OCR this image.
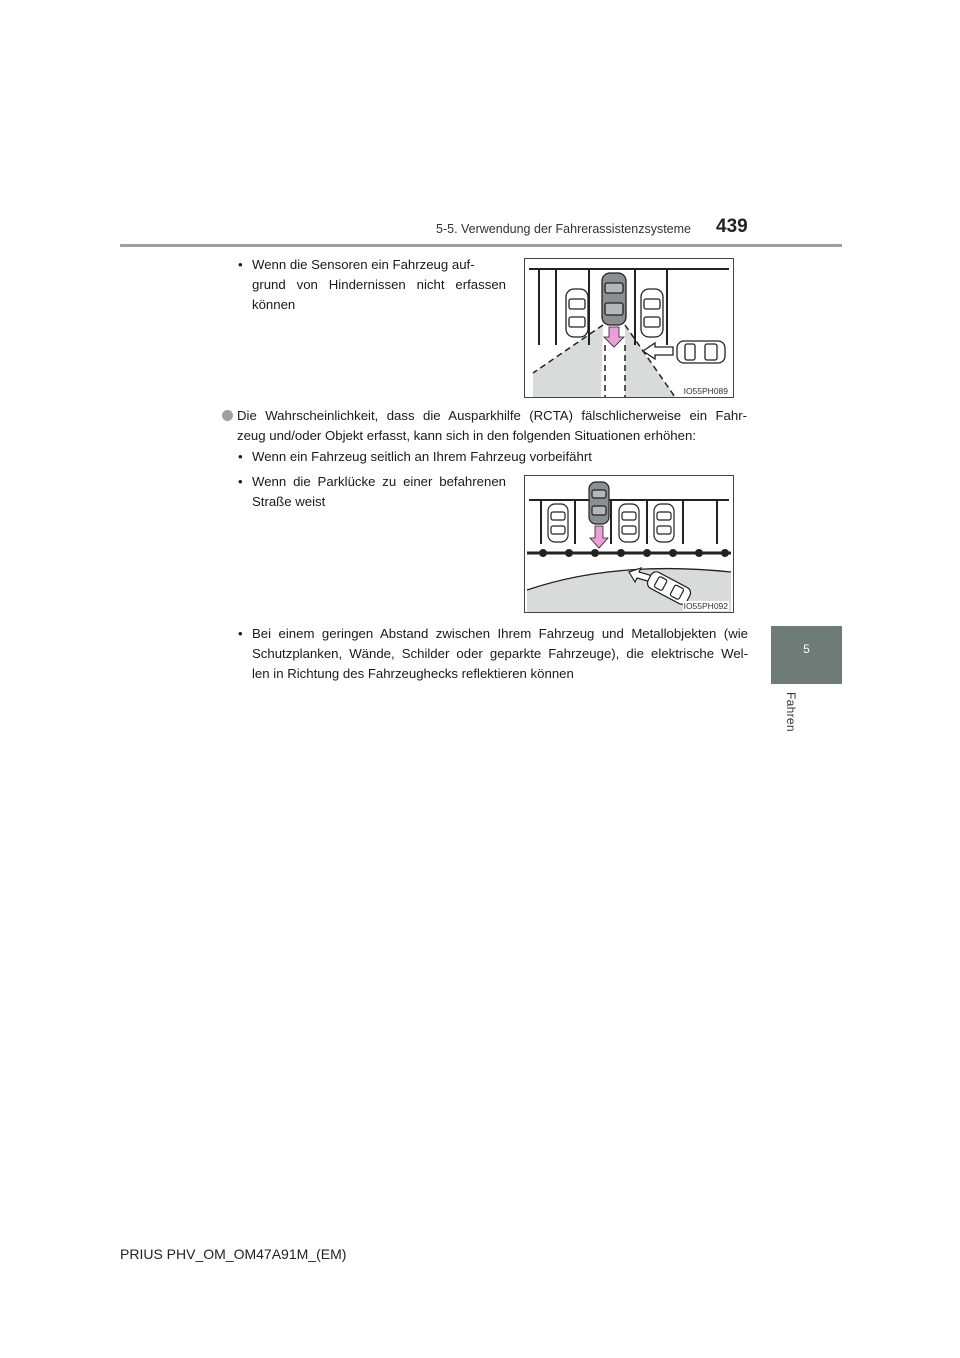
5-5. Verwendung der Fahrerassistenzsysteme 439
5
Fahren
• Wenn die Sensoren ein Fahrzeug auf-
grund von Hindernissen nicht erfassen
können
IO55PH089
Die Wahrscheinlichkeit, dass die Ausparkhilfe (RCTA) fälschlicherweise ein Fahr-
zeug und/oder Objekt erfasst, kann sich in den folgenden Situationen erhöhen:
• Wenn ein Fahrzeug seitlich an Ihrem Fahrzeug vorbeifährt
• Wenn die Parklücke zu einer befahrenen
Straße weist
IO55PH092
• Bei einem geringen Abstand zwischen Ihrem Fahrzeug und Metallobjekten (wie
Schutzplanken, Wände, Schilder oder geparkte Fahrzeuge), die elektrische Wel-
len in Richtung des Fahrzeughecks reflektieren können
PRIUS PHV_OM_OM47A91M_(EM)
